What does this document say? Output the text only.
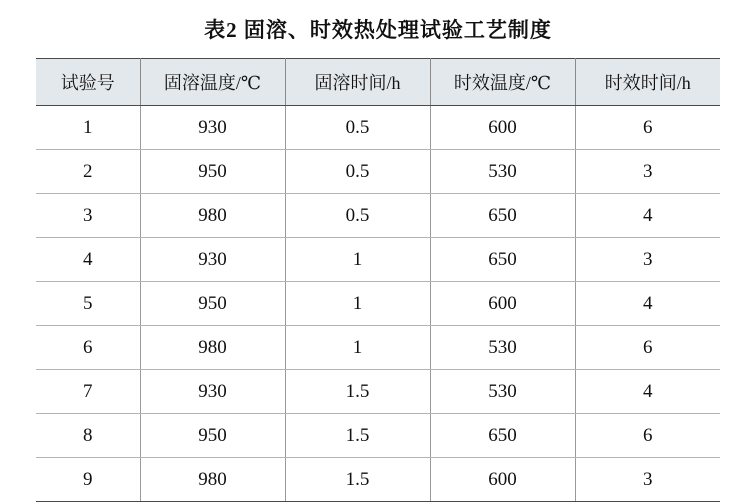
表2 固溶、时效热处理试验工艺制度
试验号	固溶温度/℃	固溶时间/h	时效温度/℃	时效时间/h
1	930	0.5	600	6
2	950	0.5	530	3
3	980	0.5	650	4
4	930	1	650	3
5	950	1	600	4
6	980	1	530	6
7	930	1.5	530	4
8	950	1.5	650	6
9	980	1.5	600	3
